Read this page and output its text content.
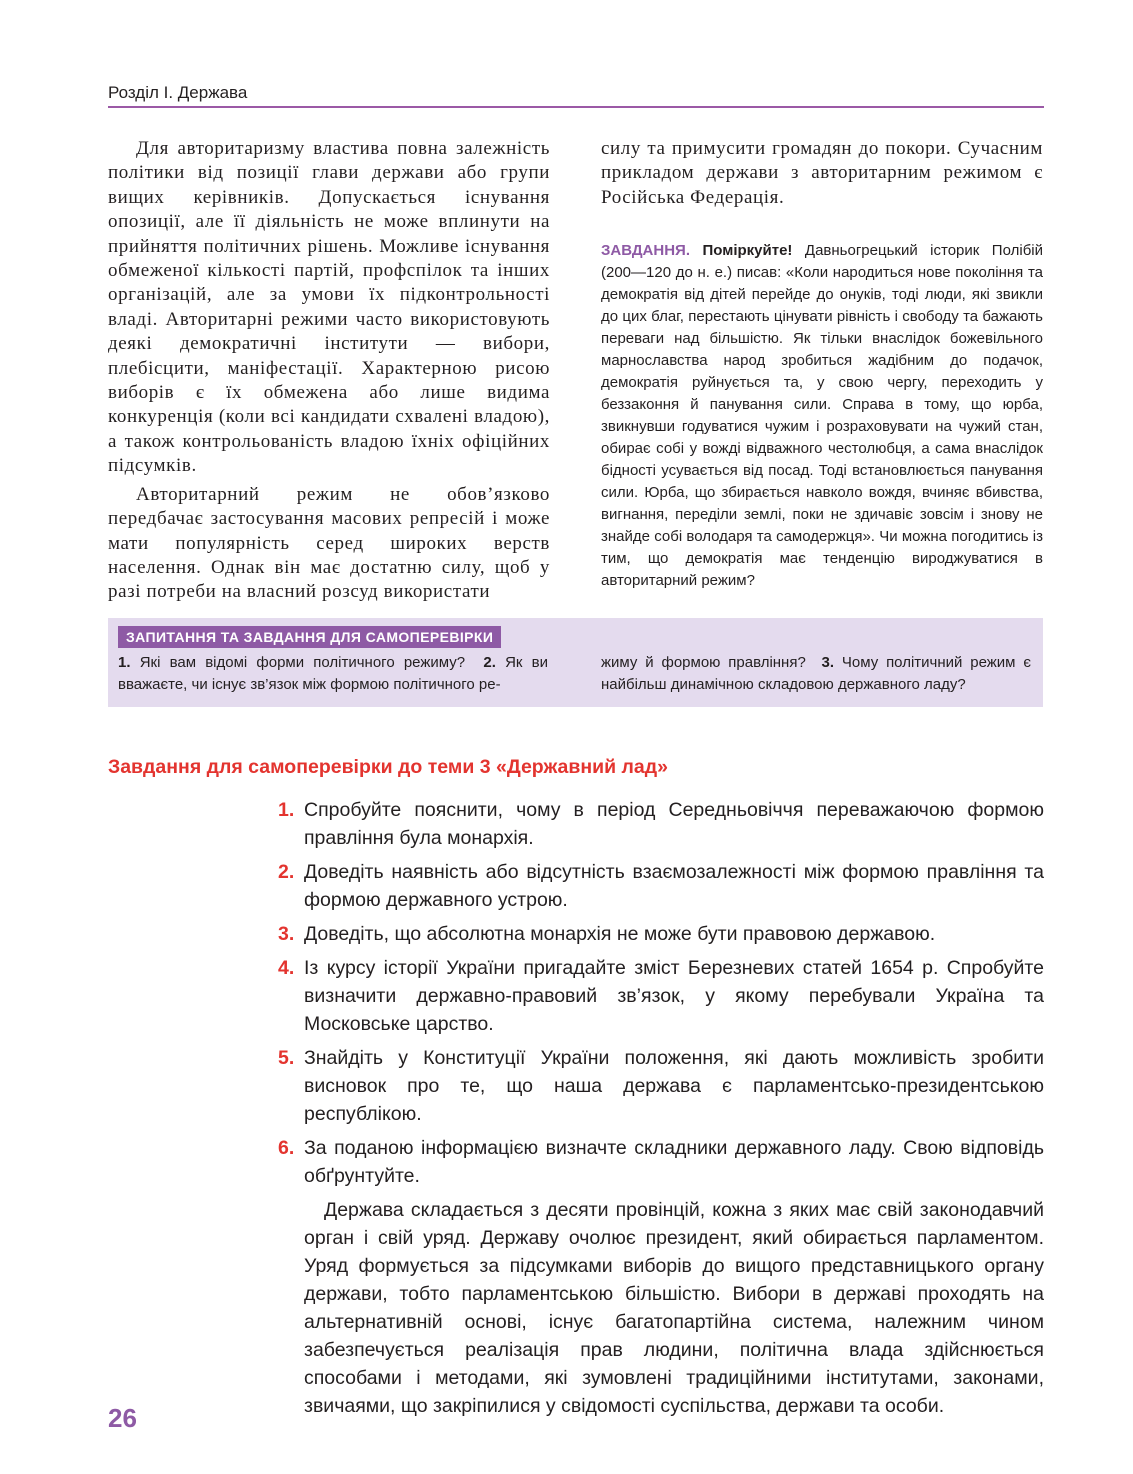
Розділ І. Держава

Для авторитаризму властива повна залежність політики від позиції глави держави або групи вищих керівників. Допускається існування опозиції, але її діяльність не може вплинути на прийняття політичних рішень. Можливе існування обмеженої кількості партій, профспілок та інших організацій, але за умови їх підконтрольності владі. Авторитарні режими часто використовують деякі демократичні інститути — вибори, плебісцити, маніфестації. Характерною рисою виборів є їх обмежена або лише видима конкуренція (коли всі кандидати схвалені владою), а також контрольованість владою їхніх офіційних підсумків.

Авторитарний режим не обов’язково передбачає застосування масових репресій і може мати популярність серед широких верств населення. Однак він має достатню силу, щоб у разі потреби на власний розсуд використати

силу та примусити громадян до покори. Сучасним прикладом держави з авторитарним режимом є Російська Федерація.

ЗАВДАННЯ. Поміркуйте! Давньогрецький історик Полібій (200—120 до н. е.) писав: «Коли народиться нове покоління та демократія від дітей перейде до онуків, тоді люди, які звикли до цих благ, перестають цінувати рівність і свободу та бажають переваги над більшістю. Як тільки внаслідок божевільного марнославства народ зробиться жадібним до подачок, демократія руйнується та, у свою чергу, переходить у беззаконня й панування сили. Справа в тому, що юрба, звикнувши годуватися чужим і розраховувати на чужий стан, обирає собі у вожді відважного честолюбця, а сама внаслідок бідності усувається від посад. Тоді встановлюється панування сили. Юрба, що збирається навколо вождя, вчиняє вбивства, вигнання, переділи землі, поки не здичавіє зовсім і знову не знайде собі володаря та самодержця». Чи можна погодитись із тим, що демократія має тенденцію вироджуватися в авторитарний режим?
ЗАПИТАННЯ ТА ЗАВДАННЯ ДЛЯ САМОПЕРЕВІРКИ
1. Які вам відомі форми політичного режиму? 2. Як ви вважаєте, чи існує зв’язок між формою політичного ре-
жиму й формою правління? 3. Чому політичний режим є найбільш динамічною складовою державного ладу?
Завдання для самоперевірки до теми 3 «Державний лад»
1. Спробуйте пояснити, чому в період Середньовіччя переважаючою формою правління була монархія.
2. Доведіть наявність або відсутність взаємозалежності між формою правління та формою державного устрою.
3. Доведіть, що абсолютна монархія не може бути правовою державою.
4. Із курсу історії України пригадайте зміст Березневих статей 1654 р. Спробуйте визначити державно-правовий зв’язок, у якому перебували Україна та Московське царство.
5. Знайдіть у Конституції України положення, які дають можливість зробити висновок про те, що наша держава є парламентсько-президентською республікою.
6. За поданою інформацією визначте складники державного ладу. Свою відповідь обґрунтуйте.

Держава складається з десяти провінцій, кожна з яких має свій законодавчий орган і свій уряд. Державу очолює президент, який обирається парламентом. Уряд формується за підсумками виборів до вищого представницького органу держави, тобто парламентською більшістю. Вибори в державі проходять на альтернативній основі, існує багатопартійна система, належним чином забезпечується реалізація прав людини, політична влада здійснюється способами і методами, які зумовлені традиційними інститутами, законами, звичаями, що закріпилися у свідомості суспільства, держави та особи.

26
